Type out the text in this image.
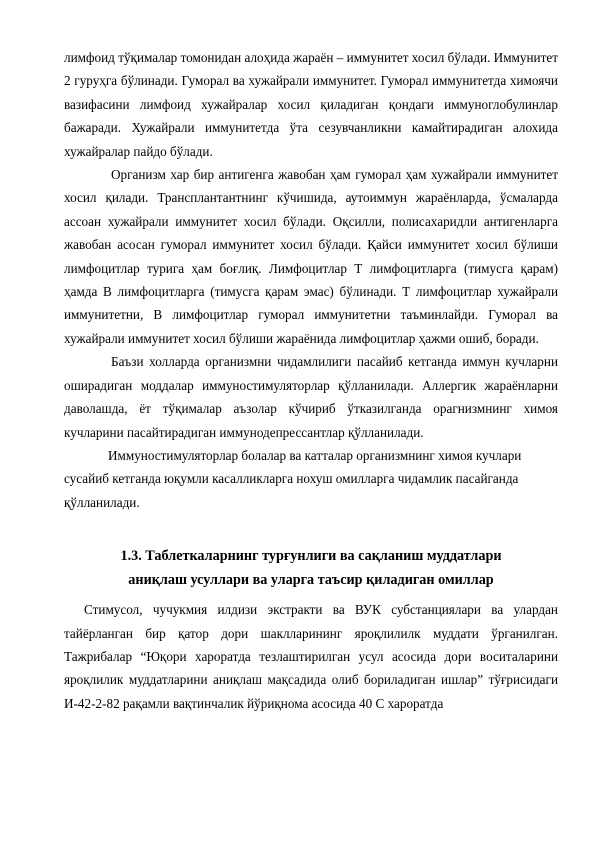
лимфоид тўқималар томонидан алоҳида жараён – иммунитет хосил бўлади. Иммунитет 2 гуруҳга бўлинади. Гуморал ва хужайрали иммунитет. Гуморал иммунитетда химоячи вазифасини лимфоид хужайралар хосил қиладиган қондаги иммуноглобулинлар бажаради. Хужайрали иммунитетда ўта сезувчанликни камайтирадиган алохида хужайралар пайдо бўлади.

Организм хар бир антигенга жавобан ҳам гуморал ҳам хужайрали иммунитет хосил қилади. Трансплантантнинг кўчишида, аутоиммун жараёнларда, ўсмаларда ассоан хужайрали иммунитет хосил бўлади. Оқсилли, полисахаридли антигенларга жавобан асосан гуморал иммунитет хосил бўлади. Қайси иммунитет хосил бўлиши лимфоцитлар турига ҳам боғлиқ. Лимфоцитлар Т лимфоцитларга (тимусга қарам) ҳамда В лимфоцитларга (тимусга қарам эмас) бўлинади. Т лимфоцитлар хужайрали иммунитетни, В лимфоцитлар гуморал иммунитетни таъминлайди. Гуморал ва хужайрали иммунитет хосил бўлиши жараёнида лимфоцитлар ҳажми ошиб, боради.

Баъзи холларда организмни чидамлилиги пасайиб кетганда иммун кучларни оширадиган моддалар иммуностимуляторлар қўлланилади. Аллергик жараёнларни даволашда, ёт тўқималар аъзолар кўчириб ўтказилганда орагнизмнинг химоя кучларини пасайтирадиган иммунодепрессантлар қўлланилади.

Иммуностимуляторлар болалар ва катталар организмнинг химоя кучлари сусайиб кетганда юқумли касалликларга нохуш омилларга чидамлик пасайганда қўлланилади.

1.3. Таблеткаларнинг турғунлиги ва сақланиш муддатлари
аниқлаш усуллари ва уларга таъсир қиладиган омиллар

Стимусол, чучукмия илдизи экстракти ва ВУК субстанциялари ва улардан тайёрланган бир қатор дори шаклларининг яроқлилилк муддати ўрганилган. Тажрибалар “Юқори хароратда тезлаштирилган усул асосида дори воситаларини яроқлилик муддатларини аниқлаш мақсадида олиб бориладиган ишлар” тўғрисидаги И-42-2-82 рақамли вақтинчалик йўриқнома асосида 40 С хароратда
